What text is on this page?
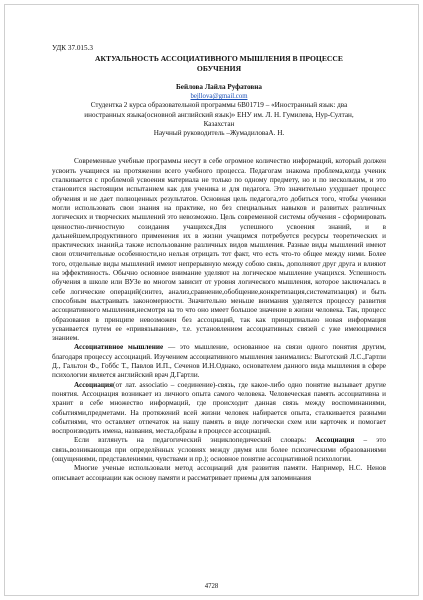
УДК 37.015.3
АКТУАЛЬНОСТЬ АССОЦИАТИВНОГО МЫШЛЕНИЯ В ПРОЦЕССЕ
ОБУЧЕНИЯ
Бейлова Лайла Руфатовна
bejllova@gmail.com
Студентка 2 курса образовательной программы 6В01719 – «Иностранный язык: два
иностранных языка(основной английский язык)» ЕНУ им. Л. Н. Гумилева, Нур-Султан,
Казахстан
Научный руководитель –ЖумадиловаА. Н.

Современные учебные программы несут в себе огромное количество информаций, который должен усвоить учащиеся на протяжении всего учебного процесса. Педагогам знакома проблема,когда ученик сталкивается с проблемой усвоения материала не только по одному предмету, но и по нескольким, и это становится настоящим испытанием как для ученика и для педагога. Это значительно ухудшает процесс обучения и не дает полноценных результатов. Основная цель педагога,это добиться того, чтобы ученики могли использовать свои знания на практике, но без специальных навыков и развитых различных логических и творческих мышлений это невозможно. Цель современной системы обучения - сформировать ценностно-личностную созидания учащихся.Для успешного усвоения знаний, и в дальнейшем,продуктивного применения их в жизни учащимся потребуется ресурсы теоретических и практических знаний,а также использование различных видов мышления. Разные виды мышлений имеют свои отличительные особенности,но нельзя отрицать тот факт, что есть что-то общее между ними. Более того, отдельные виды мышлений имеют непрерывную между собою связь, дополняют друг друга и влияют на эффективность. Обычно основное внимание уделяют на логическое мышление учащихся. Успешность обучения в школе или ВУЗе во многом зависит от уровня логического мышления, которое заключалась в себе логические операций(синтез, анализ,сравнение,обобщение,конкретизация,систематизация) и быть способным выстраивать закономерности. Значительно меньше внимания уделяется процессу развития ассоциативного мышления,несмотря на то что оно имеет большое значение в жизни человека. Так, процесс образования в принципе невозможен без ассоциаций, так как принципиально новая информация усваивается путем ее «привязывания», т.е. установлением ассоциативных связей с уже имеющимися знанием.

Ассоциативное мышление — это мышление, основанное на связи одного понятия другим, благодаря процессу ассоциаций. Изучением ассоциативного мышления занимались: Выготский Л.С.,Гартли Д., Гальтон Ф., Гоббс Т., Павлов И.П., Сеченов И.Н.Однако, основателем данного вида мышления в сфере психологии является английский врач Д.Гартли.

Ассоциация(от лат. associatio – соединение)-связь, где какое-либо одно понятие вызывает другие понятия. Ассоциация возникает из личного опыта самого человека. Человеческая память ассоциативна и хранит в себе множество информаций, где происходит данная связь между воспоминаниями, событиями,предметами. На протяжений всей жизни человек набирается опыта, сталкивается разными событиями, что оставляет отпечаток на нашу память в виде логически схем или карточек и помогает воспроизводить имена, названия, места,образы в процессе ассоциаций.

Если взглянуть на педагогический энциклопедический словарь: Ассоциация – это связь,возникающая при определённых условиях между двумя или более психическими образованиями (ощущениями, представлениями, чувствами и пр.); основное понятие ассоциативной психологии.

Многие ученые использовали метод ассоциаций для развития памяти. Например, Н.С. Ненов описывает ассоциации как основу памяти и рассматривает приемы для запоминания

4728
